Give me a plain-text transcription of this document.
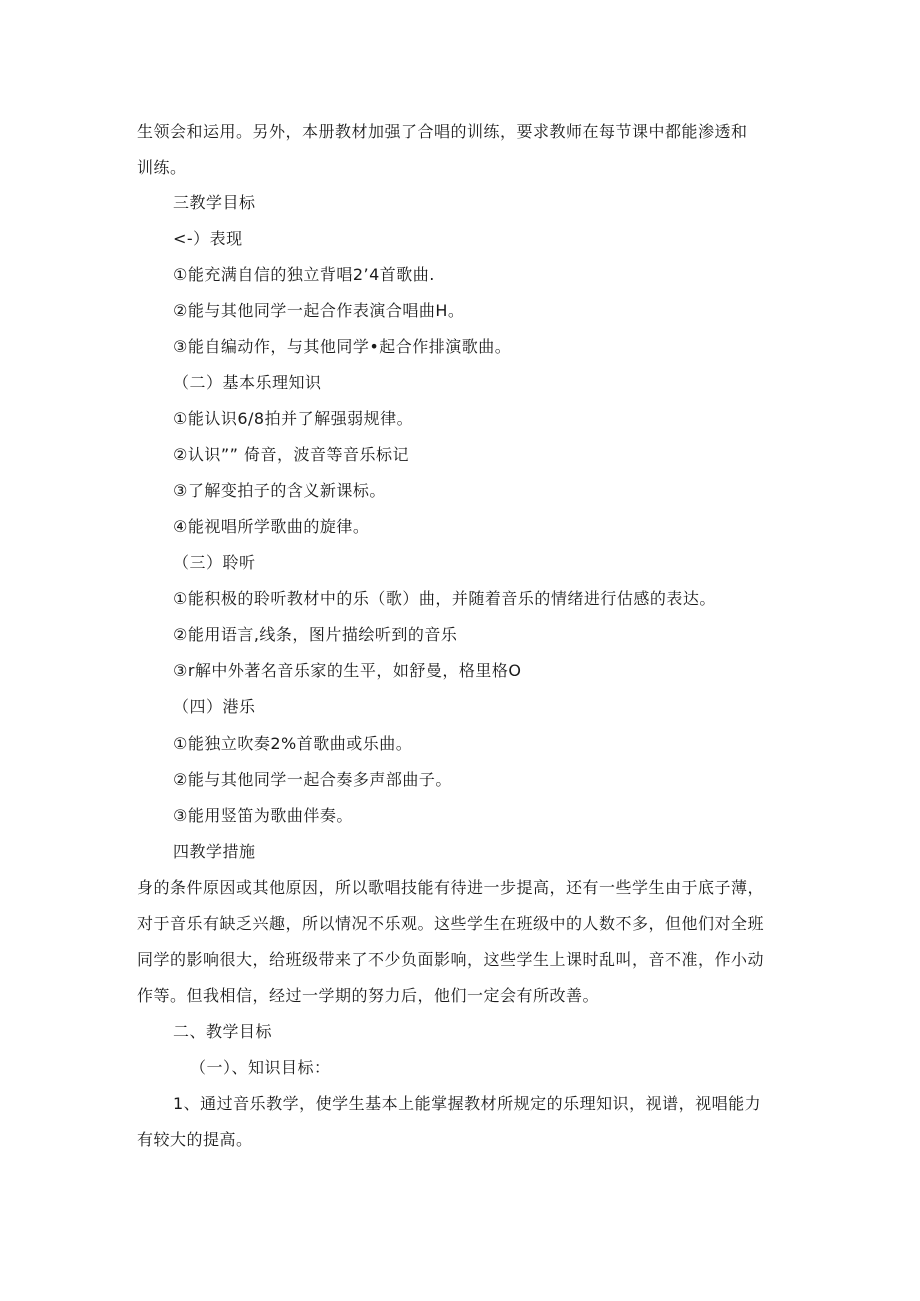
生领会和运用。另外，本册教材加强了合唱的训练，要求教师在每节课中都能渗透和
训练。
三教学目标
<-）表现
①能充满自信的独立背唱2’4首歌曲.
②能与其他同学一起合作表演合唱曲H。
③能自编动作，与其他同学•起合作排演歌曲。
（二）基本乐理知识
①能认识6/8拍并了解强弱规律。
②认识”” 倚音，波音等音乐标记
③了解变拍子的含义新课标。
④能视唱所学歌曲的旋律。
（三）聆听
①能积极的聆听教材中的乐（歌）曲，并随着音乐的情绪进行估感的表达。
②能用语言,线条，图片描绘听到的音乐
③r解中外著名音乐家的生平，如舒曼，格里格O
（四）港乐
①能独立吹奏2%首歌曲或乐曲。
②能与其他同学一起合奏多声部曲子。
③能用竖笛为歌曲伴奏。
四教学措施
身的条件原因或其他原因，所以歌唱技能有待进一步提高，还有一些学生由于底子薄，
对于音乐有缺乏兴趣，所以情况不乐观。这些学生在班级中的人数不多，但他们对全班
同学的影响很大，给班级带来了不少负面影响，这些学生上课时乱叫，音不准，作小动
作等。但我相信，经过一学期的努力后，他们一定会有所改善。
二、教学目标
（一）、知识目标：
1、通过音乐教学，使学生基本上能掌握教材所规定的乐理知识，视谱，视唱能力
有较大的提高。
